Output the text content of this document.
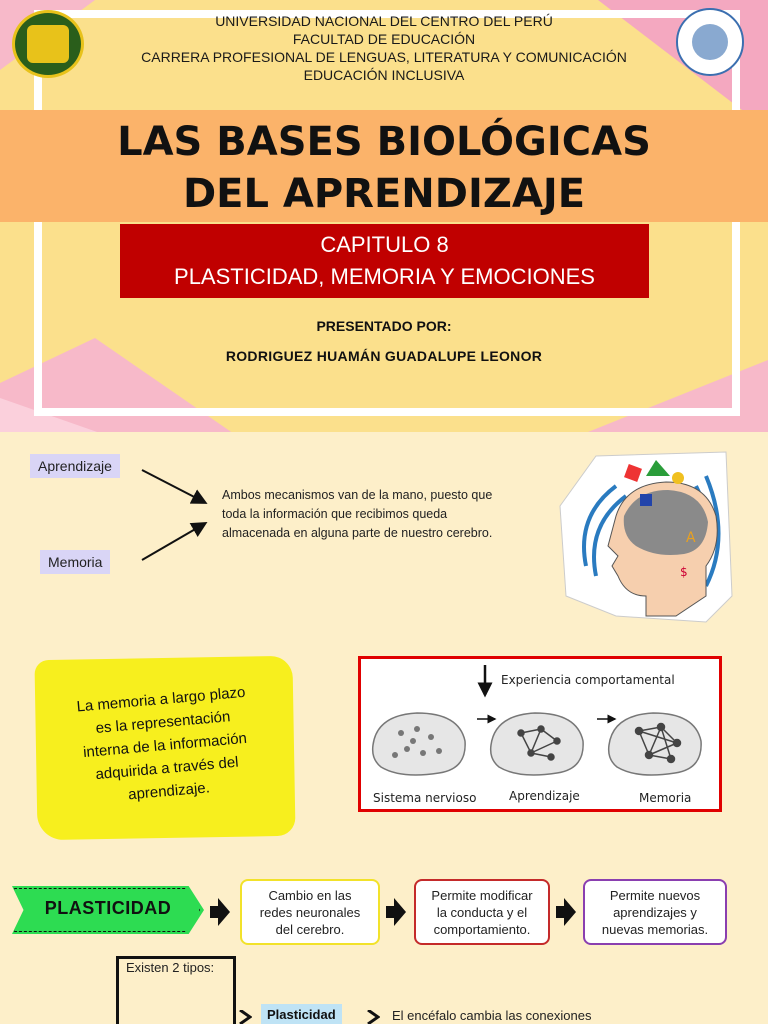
UNIVERSIDAD NACIONAL DEL CENTRO DEL PERÚ
FACULTAD DE EDUCACIÓN
CARRERA PROFESIONAL DE LENGUAS, LITERATURA Y COMUNICACIÓN
EDUCACIÓN INCLUSIVA
LAS BASES BIOLÓGICAS
DEL APRENDIZAJE
CAPITULO 8
PLASTICIDAD, MEMORIA Y EMOCIONES
PRESENTADO POR:
RODRIGUEZ HUAMÁN GUADALUPE LEONOR
Aprendizaje
Memoria
Ambos mecanismos van de la mano, puesto que
toda la información que recibimos queda
almacenada en alguna parte de nuestro cerebro.	A
$
La memoria a largo plazo
es la representación
interna de la información
adquirida a través del
aprendizaje.
Experiencia comportamental
Sistema nervioso	Aprendizaje	Memoria
PLASTICIDAD
Cambio en las
redes neuronales
del cerebro.
Permite modificar
la conducta y el
comportamiento.
Permite nuevos
aprendizajes y
nuevas memorias.
Existen 2 tipos:
Plasticidad	El encéfalo cambia las conexiones
